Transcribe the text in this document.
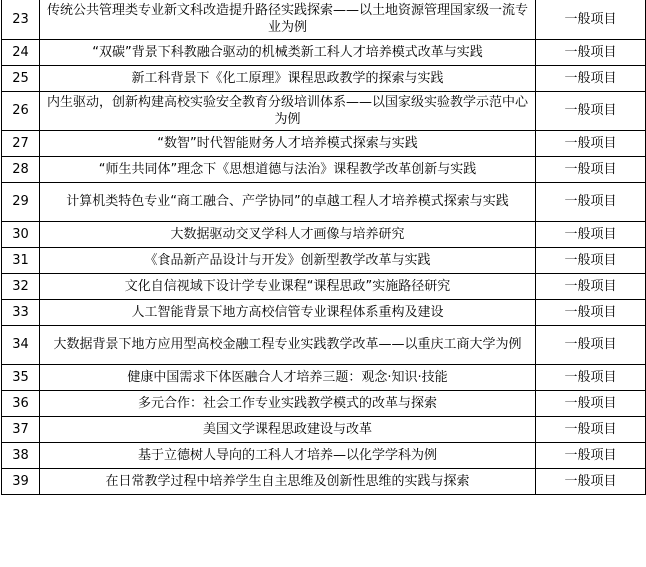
23	传统公共管理类专业新文科改造提升路径实践探索——以土地资源管理国家级一流专业为例	一般项目
24	“双碳”背景下科教融合驱动的机械类新工科人才培养模式改革与实践	一般项目
25	新工科背景下《化工原理》课程思政教学的探索与实践	一般项目
26	内生驱动，创新构建高校实验安全教育分级培训体系——以国家级实验教学示范中心为例	一般项目
27	“数智”时代智能财务人才培养模式探索与实践	一般项目
28	“师生共同体”理念下《思想道德与法治》课程教学改革创新与实践	一般项目
29	计算机类特色专业“商工融合、产学协同”的卓越工程人才培养模式探索与实践	一般项目
30	大数据驱动交叉学科人才画像与培养研究	一般项目
31	《食品新产品设计与开发》创新型教学改革与实践	一般项目
32	文化自信视域下设计学专业课程“课程思政”实施路径研究	一般项目
33	人工智能背景下地方高校信管专业课程体系重构及建设	一般项目
34	大数据背景下地方应用型高校金融工程专业实践教学改革——以重庆工商大学为例	一般项目
35	健康中国需求下体医融合人才培养三题：观念·知识·技能	一般项目
36	多元合作：社会工作专业实践教学模式的改革与探索	一般项目
37	美国文学课程思政建设与改革	一般项目
38	基于立德树人导向的工科人才培养—以化学学科为例	一般项目
39	在日常教学过程中培养学生自主思维及创新性思维的实践与探索	一般项目
